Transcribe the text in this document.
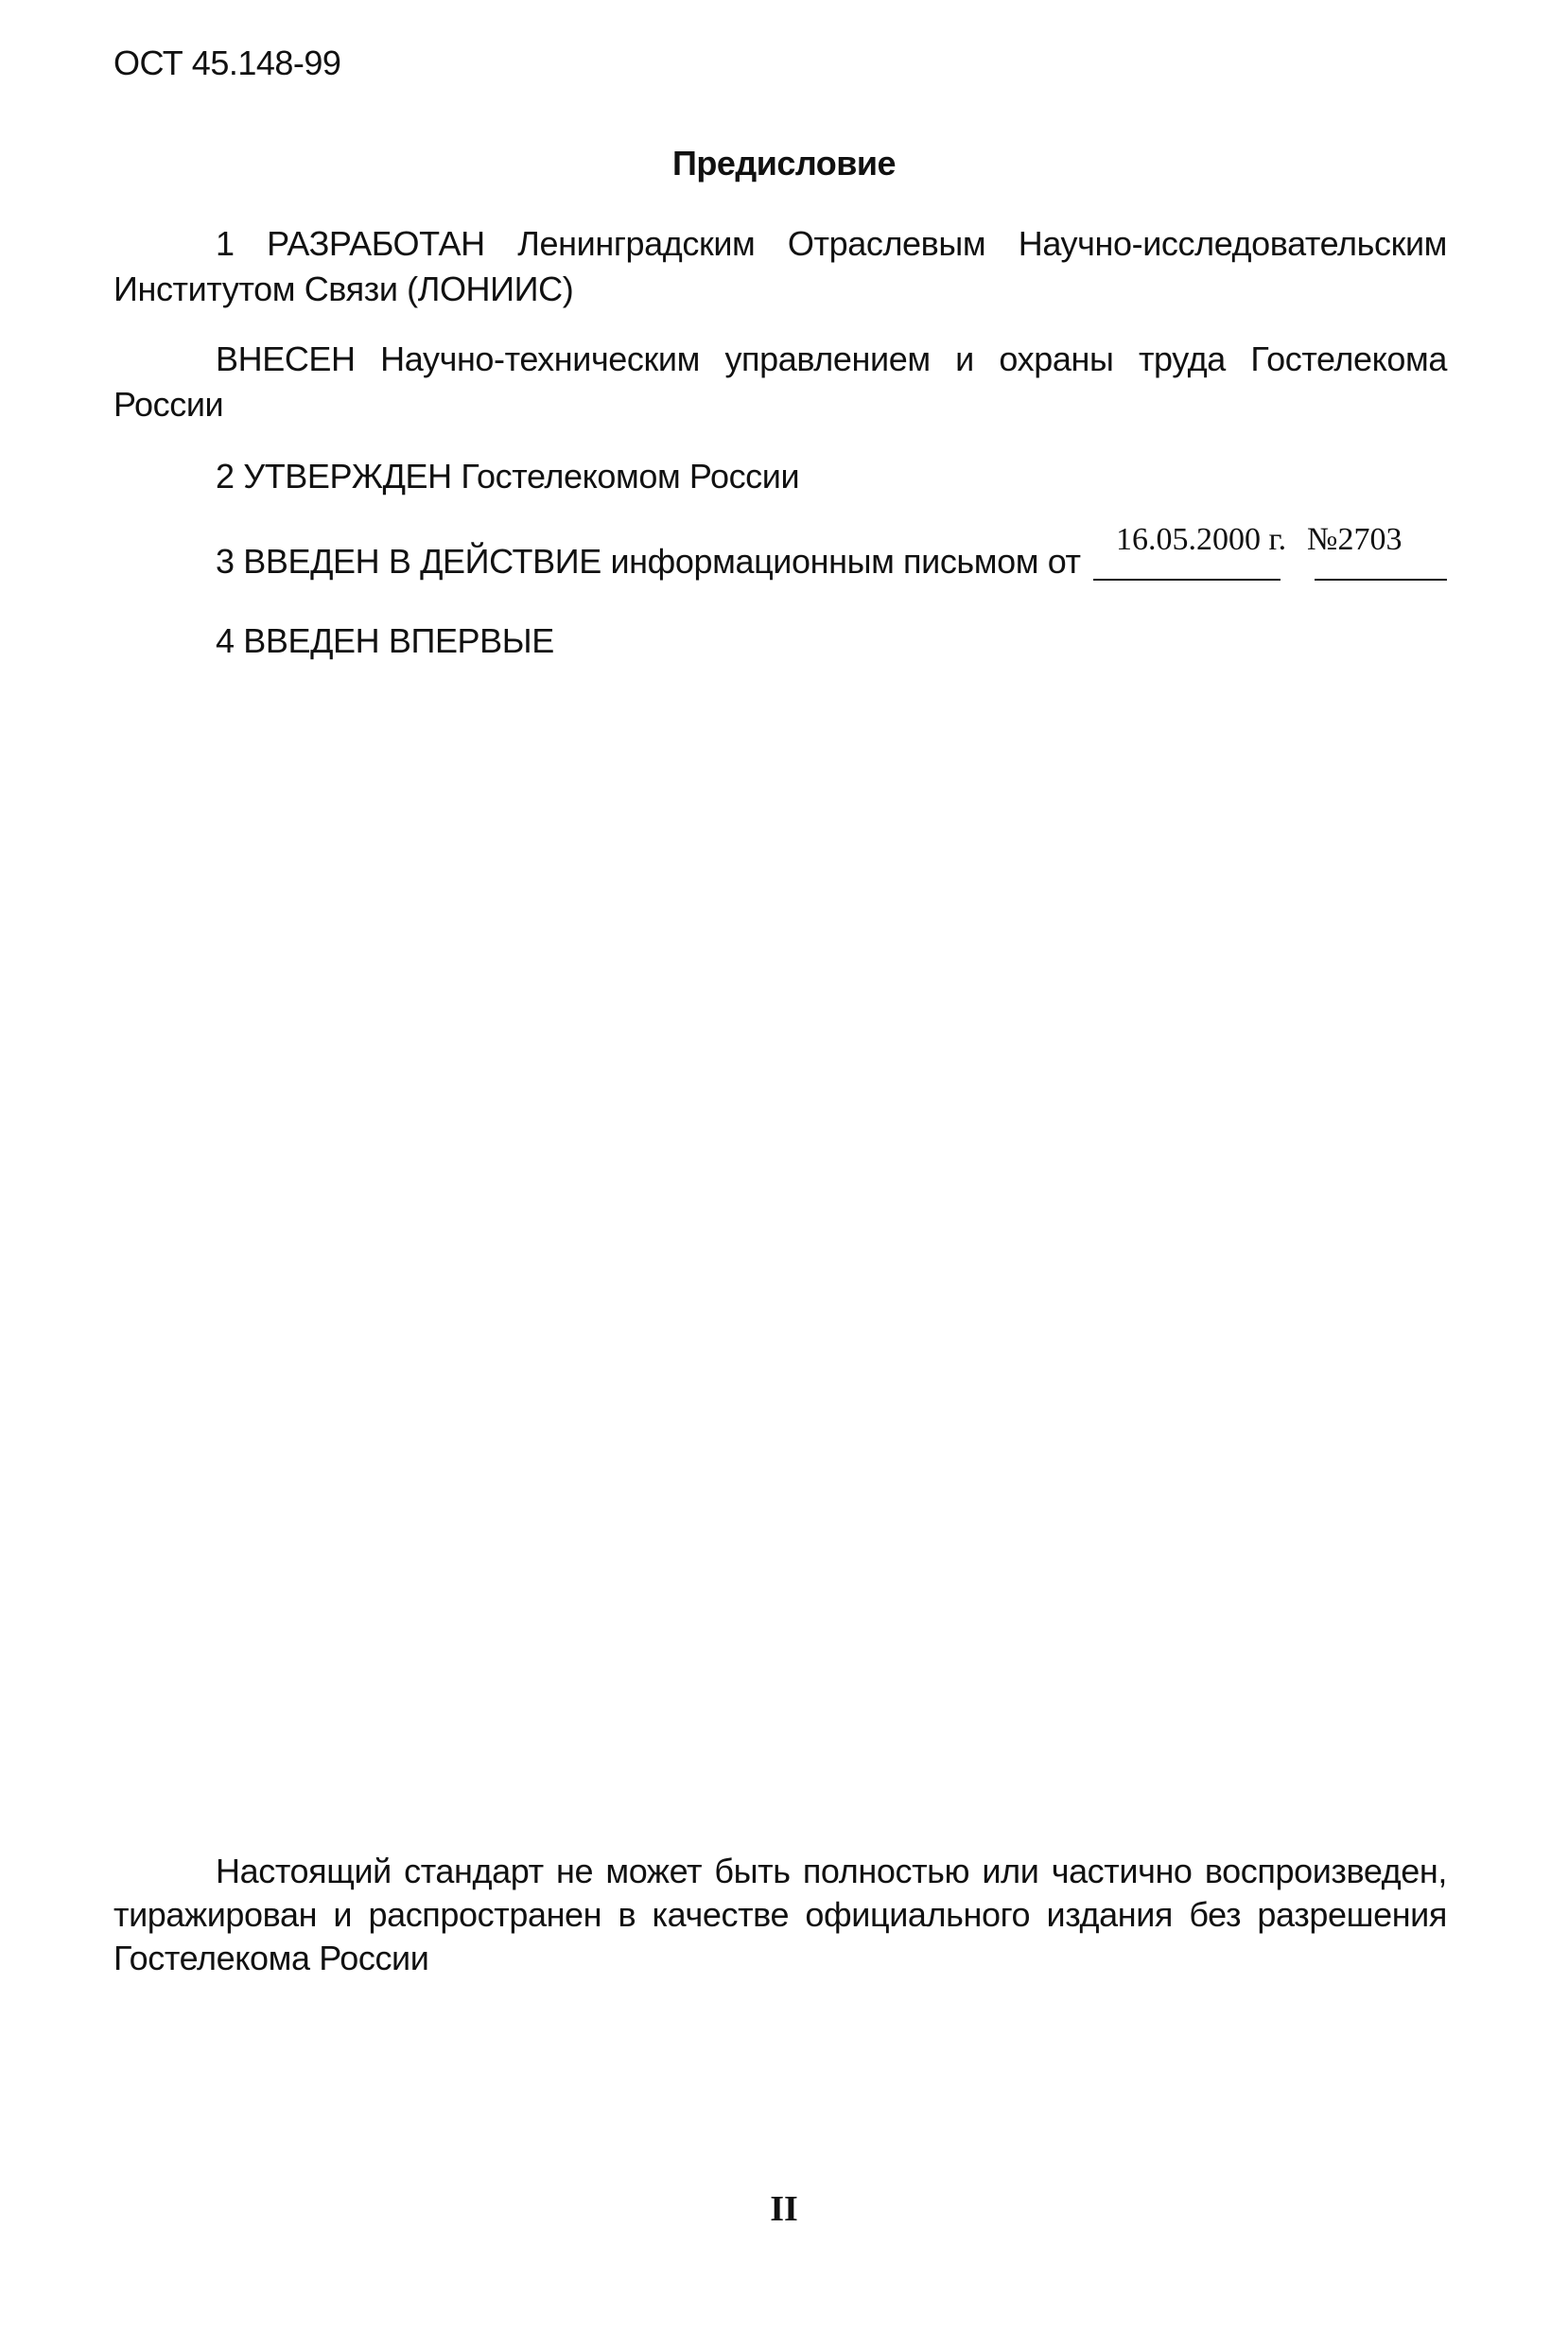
ОСТ 45.148-99
Предисловие
1 РАЗРАБОТАН Ленинградским Отраслевым Научно-исследовательским Институтом Связи (ЛОНИИС)
ВНЕСЕН Научно-техническим управлением и охраны труда Гостелекома России
2 УТВЕРЖДЕН Гостелекомом России
3 ВВЕДЕН В ДЕЙСТВИЕ информационным письмом от
16.05.2000 г. №2703
4 ВВЕДЕН ВПЕРВЫЕ
Настоящий стандарт не может быть полностью или частично воспроизведен, тиражирован и распространен в качестве официального издания без разрешения Гостелекома России
II
